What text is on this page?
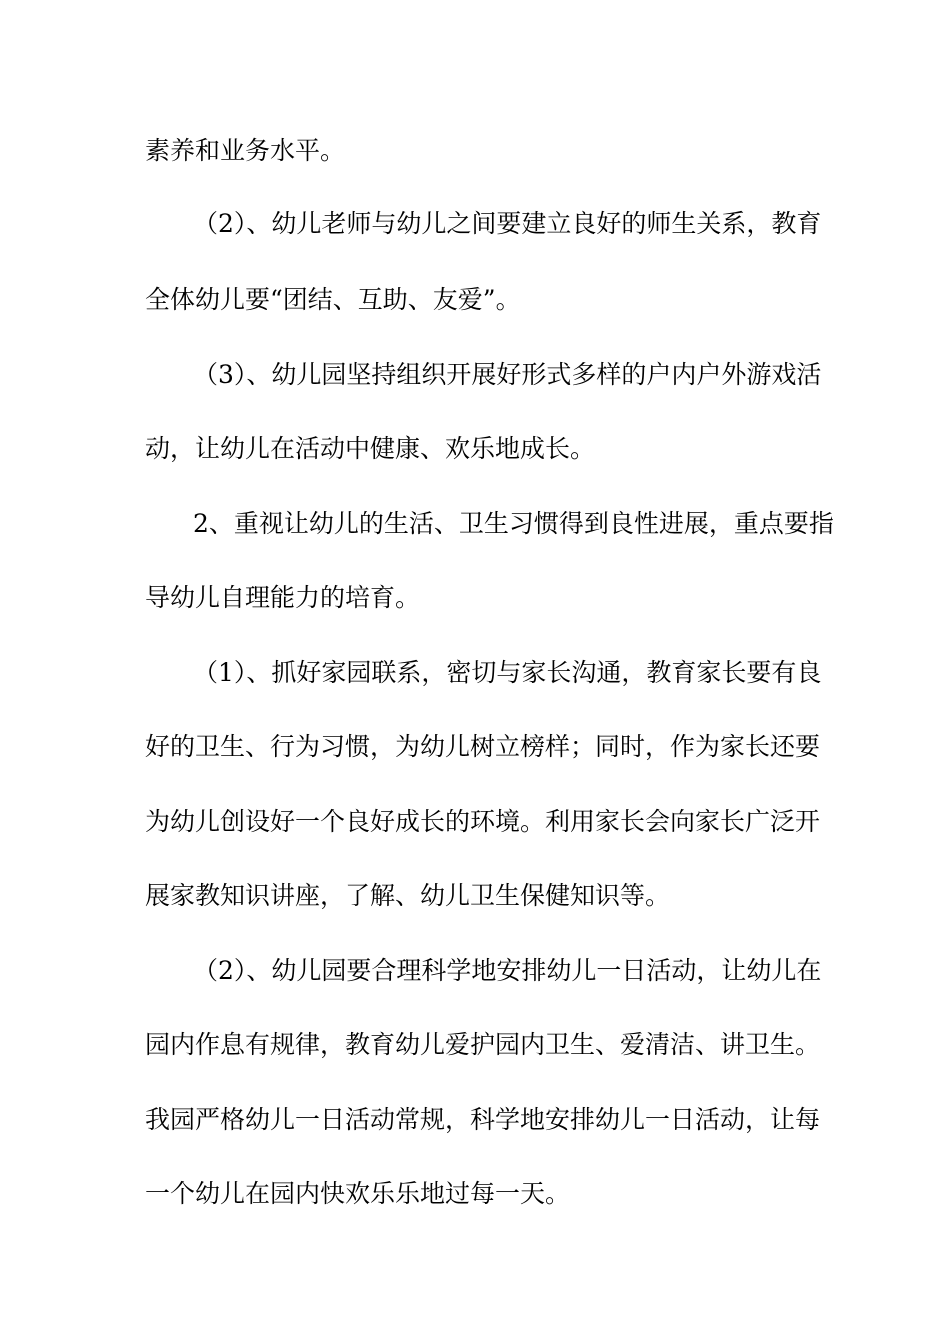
素养和业务水平。
（2）、幼儿老师与幼儿之间要建立良好的师生关系，教育
全体幼儿要“团结、互助、友爱”。
（3）、幼儿园坚持组织开展好形式多样的户内户外游戏活
动，让幼儿在活动中健康、欢乐地成长。
2、重视让幼儿的生活、卫生习惯得到良性进展，重点要指
导幼儿自理能力的培育。
（1）、抓好家园联系，密切与家长沟通，教育家长要有良
好的卫生、行为习惯，为幼儿树立榜样；同时，作为家长还要
为幼儿创设好一个良好成长的环境。利用家长会向家长广泛开
展家教知识讲座，了解、幼儿卫生保健知识等。
（2）、幼儿园要合理科学地安排幼儿一日活动，让幼儿在
园内作息有规律，教育幼儿爱护园内卫生、爱清洁、讲卫生。
我园严格幼儿一日活动常规，科学地安排幼儿一日活动，让每
一个幼儿在园内快欢乐乐地过每一天。
